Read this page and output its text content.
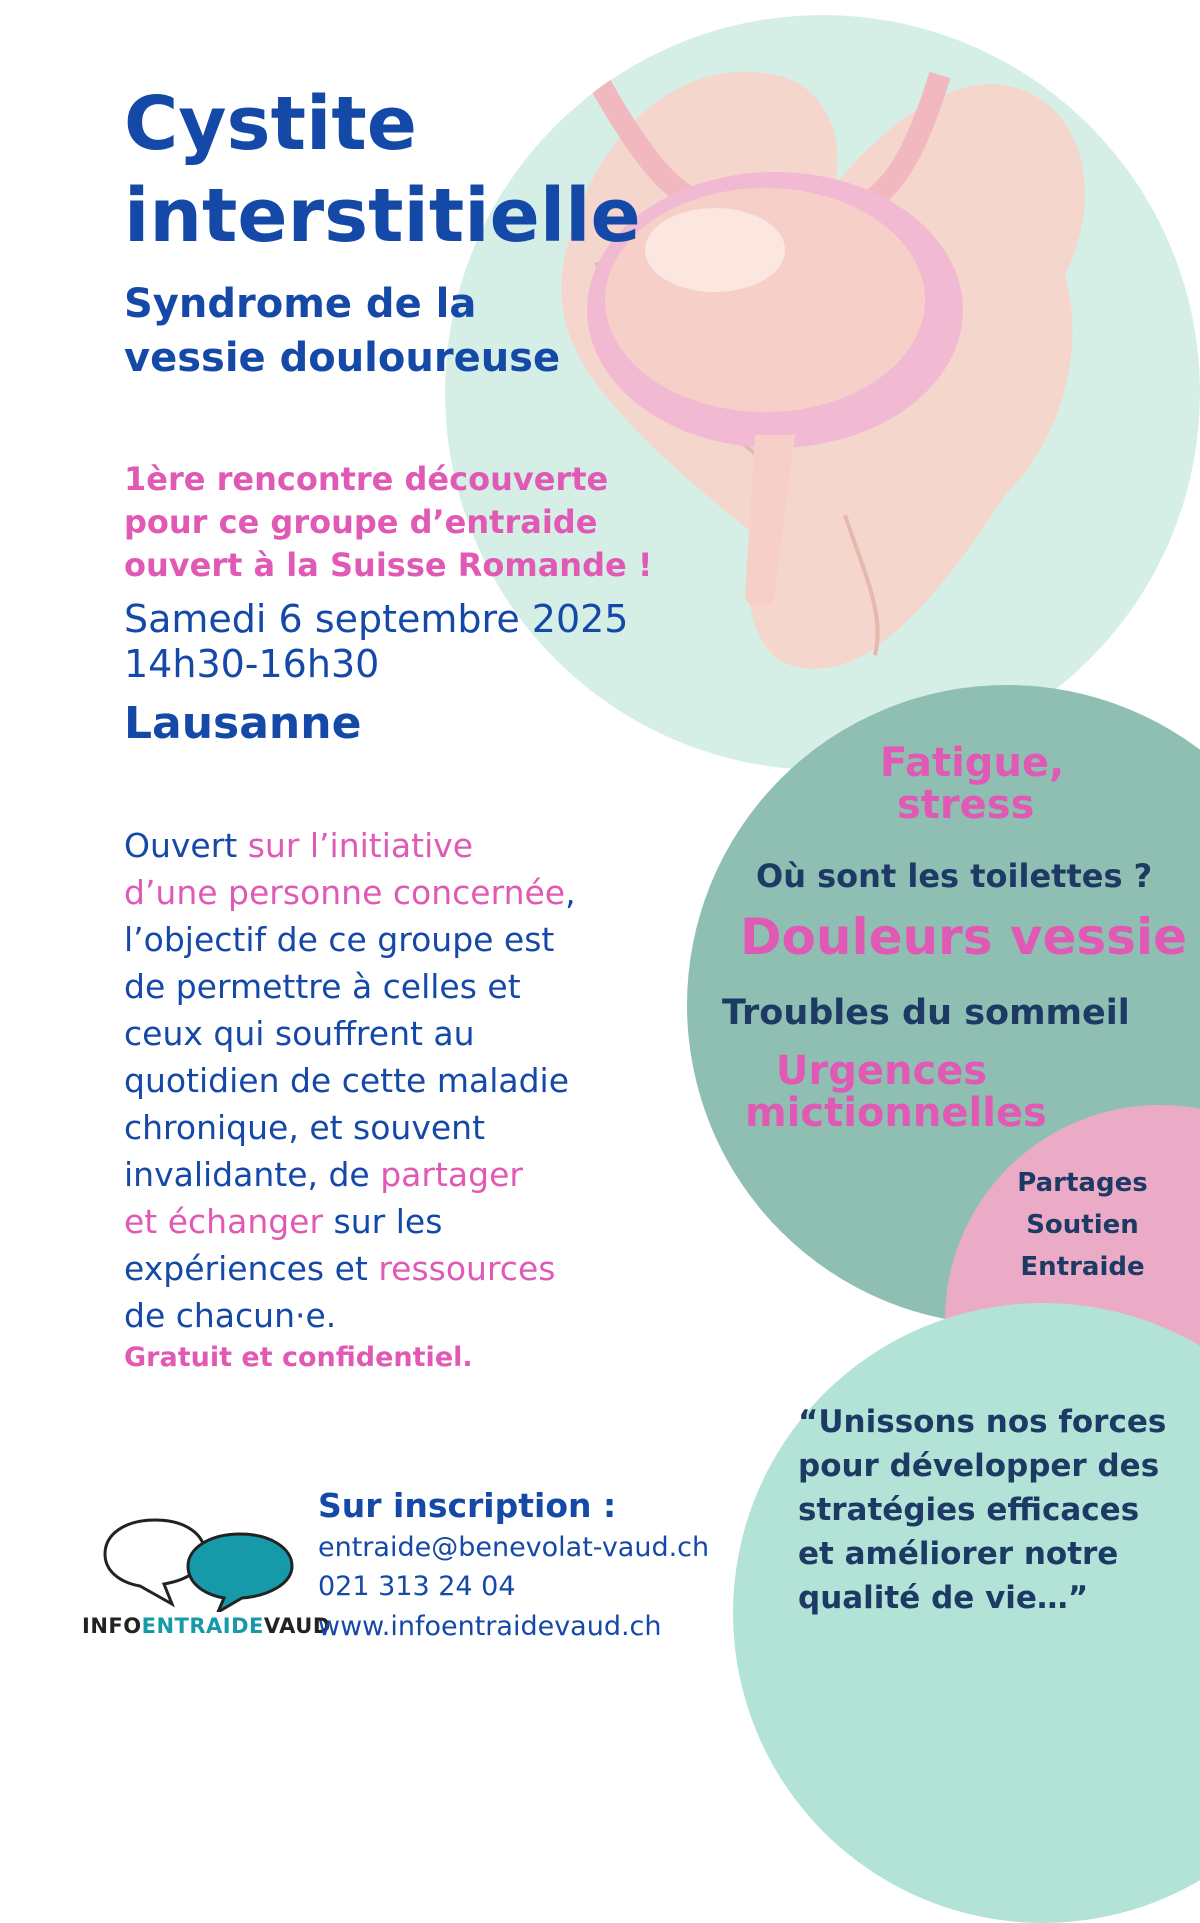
Cystite
interstitielle
Syndrome de la
vessie douloureuse
1ère rencontre découverte
pour ce groupe d’entraide
ouvert à la Suisse Romande !
Samedi 6 septembre 2025
14h30-16h30
Lausanne
Ouvert sur l’initiative
d’une personne concernée,
l’objectif de ce groupe est
de permettre à celles et
ceux qui souffrent au
quotidien de cette maladie
chronique, et souvent
invalidante, de partager
et échanger sur les
expériences et ressources
de chacun·e.
Gratuit et confidentiel.
Fatigue,
stress
Où sont les toilettes ?
Douleurs vessie
Troubles du sommeil
Urgences
mictionnelles
Partages
Soutien
Entraide
“Unissons nos forces
pour développer des
stratégies efficaces
et améliorer notre
qualité de vie…”
INFOENTRAIDEVAUD
Sur inscription :
entraide@benevolat-vaud.ch
021 313 24 04
www.infoentraidevaud.ch
